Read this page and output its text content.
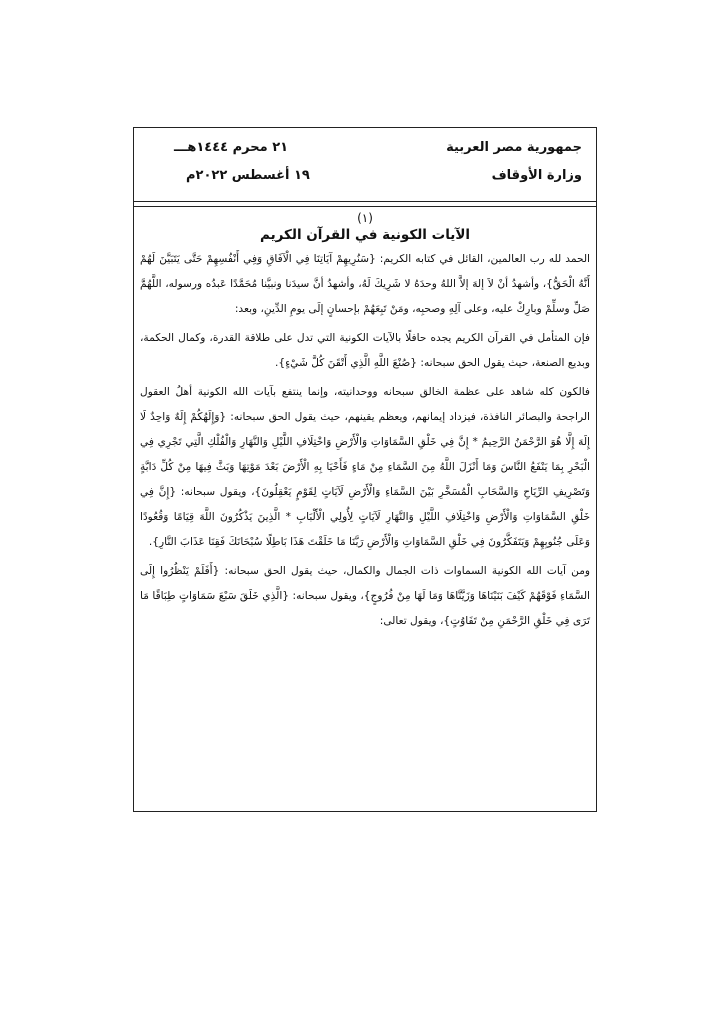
جمهورية مصر العربية
وزارة الأوقاف
٢١ محرم ١٤٤٤هـــ
١٩ أغسطس ٢٠٢٢م
(١)
الآيات الكونية في القرآن الكريم

الحمد لله رب العالمين، القائل في كتابه الكريم: {سَنُرِيهِمْ آيَاتِنَا فِي الْآفَاقِ وَفِي أَنْفُسِهِمْ حَتَّى يَتَبَيَّنَ لَهُمْ أَنَّهُ الْحَقُّ}، وأشهدُ أنْ لاَ إلهَ إلاَّ اللهُ وحدَهُ لا شَرِيكَ لَهُ، وأشهدُ أنَّ سيدَنا ونبيَّنا مُحَمَّدًا عَبدُه ورسوله، اللَّهُمَّ صَلِّ وسلِّمْ وبارِكْ عليه، وعلى آلِهِ وصحبِه، ومَنْ تَبِعَهُمْ بإحسانٍ إلَى يومِ الدِّينِ، وبعد:

فإن المتأمل في القرآن الكريم يجده حافلًا بالآيات الكونية التي تدل على طلاقة القدرة، وكمال الحكمة، وبديع الصنعة، حيث يقول الحق سبحانه: {صُنْعَ اللَّهِ الَّذِي أَتْقَنَ كُلَّ شَيْءٍ}.

فالكون كله شاهد على عظمة الخالق سبحانه ووحدانيته، وإنما ينتفع بآيات الله الكونية أهلُ العقول الراجحة والبصائر النافذة، فيزداد إيمانهم، ويعظم يقينهم، حيث يقول الحق سبحانه: {وَإِلَهُكُمْ إِلَهٌ وَاحِدٌ لَا إِلَهَ إِلَّا هُوَ الرَّحْمَنُ الرَّحِيمُ * إِنَّ فِي خَلْقِ السَّمَاوَاتِ وَالْأَرْضِ وَاخْتِلَافِ اللَّيْلِ وَالنَّهَارِ وَالْفُلْكِ الَّتِي تَجْرِي فِي الْبَحْرِ بِمَا يَنْفَعُ النَّاسَ وَمَا أَنْزَلَ اللَّهُ مِنَ السَّمَاءِ مِنْ مَاءٍ فَأَحْيَا بِهِ الْأَرْضَ بَعْدَ مَوْتِهَا وَبَثَّ فِيهَا مِنْ كُلِّ دَابَّةٍ وَتَصْرِيفِ الرِّيَاحِ وَالسَّحَابِ الْمُسَخَّرِ بَيْنَ السَّمَاءِ وَالْأَرْضِ لَآيَاتٍ لِقَوْمٍ يَعْقِلُونَ}، ويقول سبحانه: {إِنَّ فِي خَلْقِ السَّمَاوَاتِ وَالْأَرْضِ وَاخْتِلَافِ اللَّيْلِ وَالنَّهَارِ لَآيَاتٍ لِأُولِي الْأَلْبَابِ * الَّذِينَ يَذْكُرُونَ اللَّهَ قِيَامًا وَقُعُودًا وَعَلَى جُنُوبِهِمْ وَيَتَفَكَّرُونَ فِي خَلْقِ السَّمَاوَاتِ وَالْأَرْضِ رَبَّنَا مَا خَلَقْتَ هَذَا بَاطِلًا سُبْحَانَكَ فَقِنَا عَذَابَ النَّارِ}.

ومن آيات الله الكونية السماوات ذات الجمال والكمال، حيث يقول الحق سبحانه: {أَفَلَمْ يَنْظُرُوا إِلَى السَّمَاءِ فَوْقَهُمْ كَيْفَ بَنَيْنَاهَا وَزَيَّنَّاهَا وَمَا لَهَا مِنْ فُرُوجٍ}، ويقول سبحانه: {الَّذِي خَلَقَ سَبْعَ سَمَاوَاتٍ طِبَاقًا مَا تَرَى فِي خَلْقِ الرَّحْمَنِ مِنْ تَفَاوُتٍ}، ويقول تعالى:
